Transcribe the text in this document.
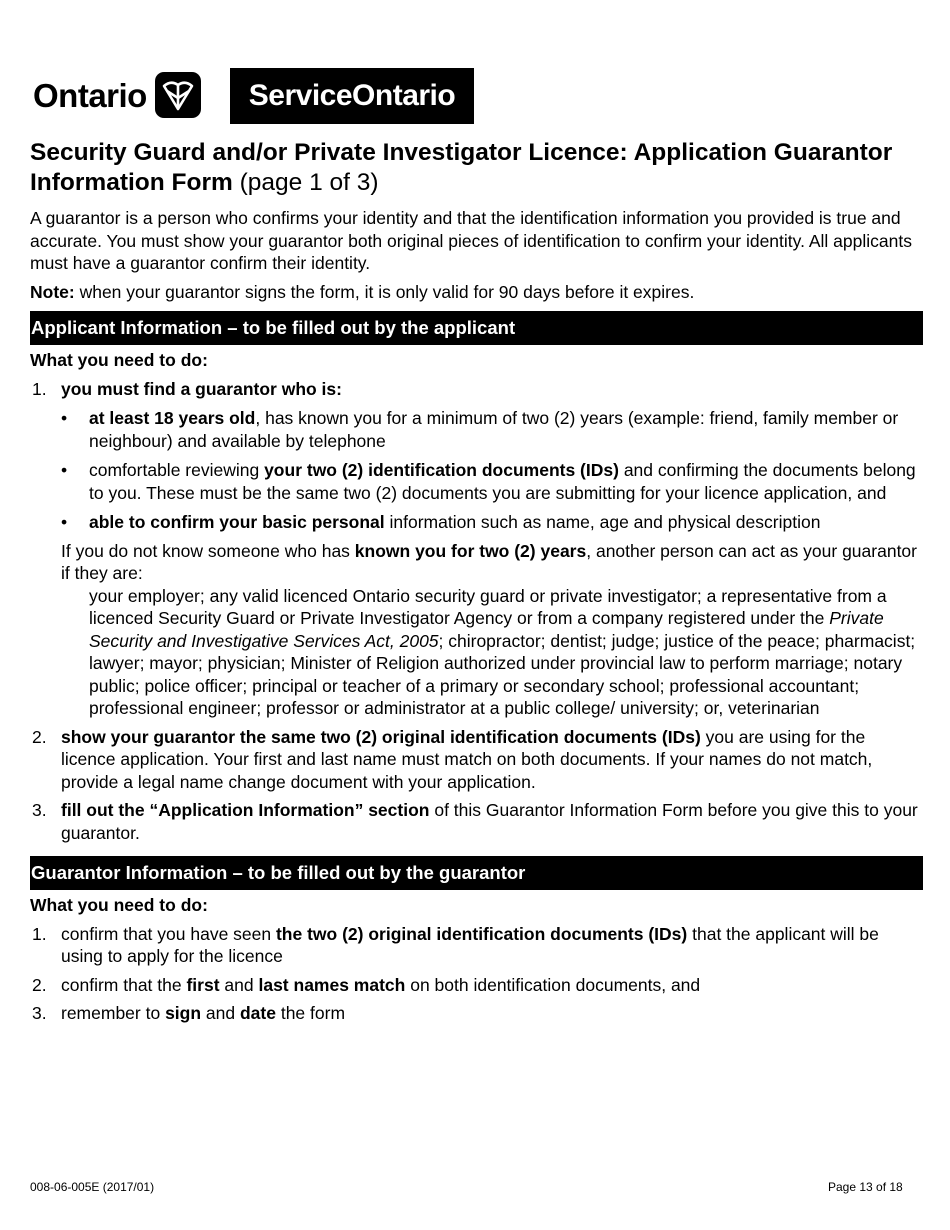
Ontario	ServiceOntario
Security Guard and/or Private Investigator Licence: Application Guarantor Information Form (page 1 of 3)

A guarantor is a person who confirms your identity and that the identification information you provided is true and accurate. You must show your guarantor both original pieces of identification to confirm your identity. All applicants must have a guarantor confirm their identity.

Note: when your guarantor signs the form, it is only valid for 90 days before it expires.

Applicant Information – to be filled out by the applicant
What you need to do:
1. you must find a guarantor who is:
• at least 18 years old, has known you for a minimum of two (2) years (example: friend, family member or neighbour) and available by telephone
• comfortable reviewing your two (2) identification documents (IDs) and confirming the documents belong to you. These must be the same two (2) documents you are submitting for your licence application, and
• able to confirm your basic personal information such as name, age and physical description

If you do not know someone who has known you for two (2) years, another person can act as your guarantor if they are:

your employer; any valid licenced Ontario security guard or private investigator; a representative from a licenced Security Guard or Private Investigator Agency or from a company registered under the Private Security and Investigative Services Act, 2005; chiropractor; dentist; judge; justice of the peace; pharmacist; lawyer; mayor; physician; Minister of Religion authorized under provincial law to perform marriage; notary public; police officer; principal or teacher of a primary or secondary school; professional accountant; professional engineer; professor or administrator at a public college/ university; or, veterinarian

2. show your guarantor the same two (2) original identification documents (IDs) you are using for the licence application. Your first and last name must match on both documents. If your names do not match, provide a legal name change document with your application.
3. fill out the “Application Information” section of this Guarantor Information Form before you give this to your guarantor.
Guarantor Information – to be filled out by the guarantor
What you need to do:
1. confirm that you have seen the two (2) original identification documents (IDs) that the applicant will be using to apply for the licence
2. confirm that the first and last names match on both identification documents, and
3. remember to sign and date the form
008-06-005E (2017/01)	Page 13 of 18
